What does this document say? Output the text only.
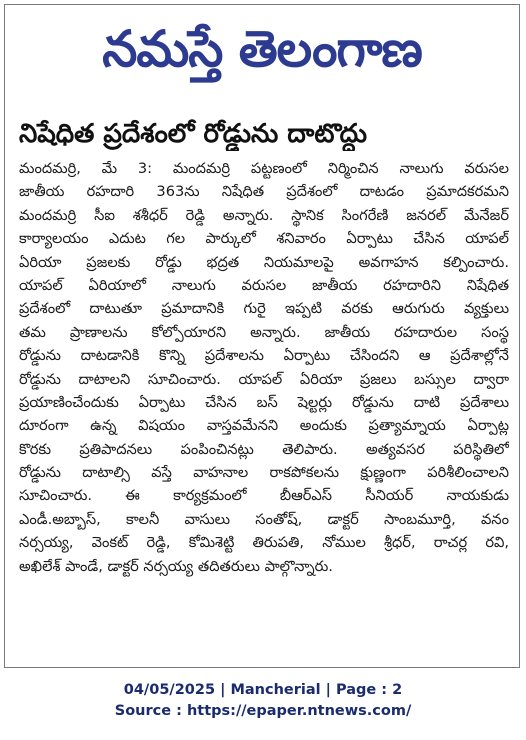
నమస్తే తెలంగాణ
నిషేధిత ప్రదేశంలో రోడ్డును దాటొద్దు
మందమర్రి, మే 3: మందమర్రి పట్టణంలో నిర్మించిన నాలుగు వరుసల
జాతీయ రహదారి 363ను నిషేధిత ప్రదేశంలో దాటడం ప్రమాదకరమని
మందమర్రి సీఐ శశీధర్ రెడ్డి అన్నారు. స్థానిక సింగరేణి జనరల్ మేనేజర్
కార్యాలయం ఎదుట గల పార్కులో శనివారం ఏర్పాటు చేసిన యాపల్
ఏరియా ప్రజలకు రోడ్డు భద్రత నియమాలపై అవగాహన కల్పించారు.
యాపల్ ఏరియాలో నాలుగు వరుసల జాతీయ రహదారిని నిషేధిత
ప్రదేశంలో దాటుతూ ప్రమాదానికి గురై ఇప్పటి వరకు ఆరుగురు వ్యక్తులు
తమ ప్రాణాలను కోల్పోయారని అన్నారు. జాతీయ రహదారుల సంస్థ
రోడ్డును దాటడానికి కొన్ని ప్రదేశాలను ఏర్పాటు చేసిందని ఆ ప్రదేశాల్లోనే
రోడ్డును దాటాలని సూచించారు. యాపల్ ఏరియా ప్రజలు బస్సుల ద్వారా
ప్రయాణించేందుకు ఏర్పాటు చేసిన బస్ షెల్టర్లు రోడ్డును దాటి ప్రదేశాలు
దూరంగా ఉన్న విషయం వాస్తవమేనని అందుకు ప్రత్యామ్నాయ ఏర్పాట్ల
కొరకు ప్రతిపాదనలు పంపించినట్లు తెలిపారు. అత్యవసర పరిస్థితిలో
రోడ్డును దాటాల్సి వస్తే వాహనాల రాకపోకలను క్షుణ్ణంగా పరిశీలించాలని
సూచించారు. ఈ కార్యక్రమంలో బీఆర్ఎస్ సీనియర్ నాయకుడు
ఎండీ.అబ్బాస్, కాలనీ వాసులు సంతోష్, డాక్టర్ సాంబమూర్తి, వనం
నర్సయ్య, వెంకట్ రెడ్డి, కోమిశెట్టి తిరుపతి, నోముల శ్రీధర్, రాచర్ల రవి,
అఖిలేశ్ పాండే, డాక్టర్ నర్సయ్య తదితరులు పాల్గొన్నారు.
04/05/2025 | Mancherial | Page : 2
Source : https://epaper.ntnews.com/
